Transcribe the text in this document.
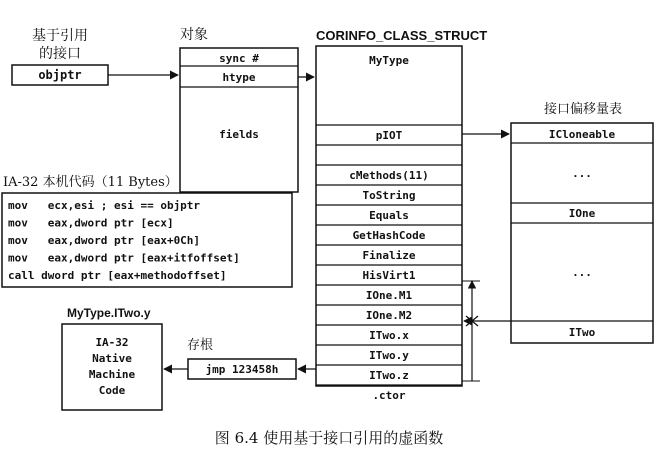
基于引用
的接口
objptr
对象
sync #
htype
fields
CORINFO_CLASS_STRUCT
MyType
pIOT
cMethods(11)
ToString
Equals
GetHashCode
Finalize
HisVirt1
IOne.M1
IOne.M2
ITwo.x
ITwo.y
ITwo.z
.ctor
接口偏移量表
ICloneable
...
IOne
...
ITwo
IA-32 本机代码（11 Bytes）
mov   ecx,esi ; esi == objptr
mov   eax,dword ptr [ecx]
mov   eax,dword ptr [eax+0Ch]
mov   eax,dword ptr [eax+itfoffset]
call dword ptr [eax+methodoffset]
MyType.ITwo.y
IA-32
Native
Machine
Code
存根
jmp 123458h
图 6.4 使用基于接口引用的虚函数
